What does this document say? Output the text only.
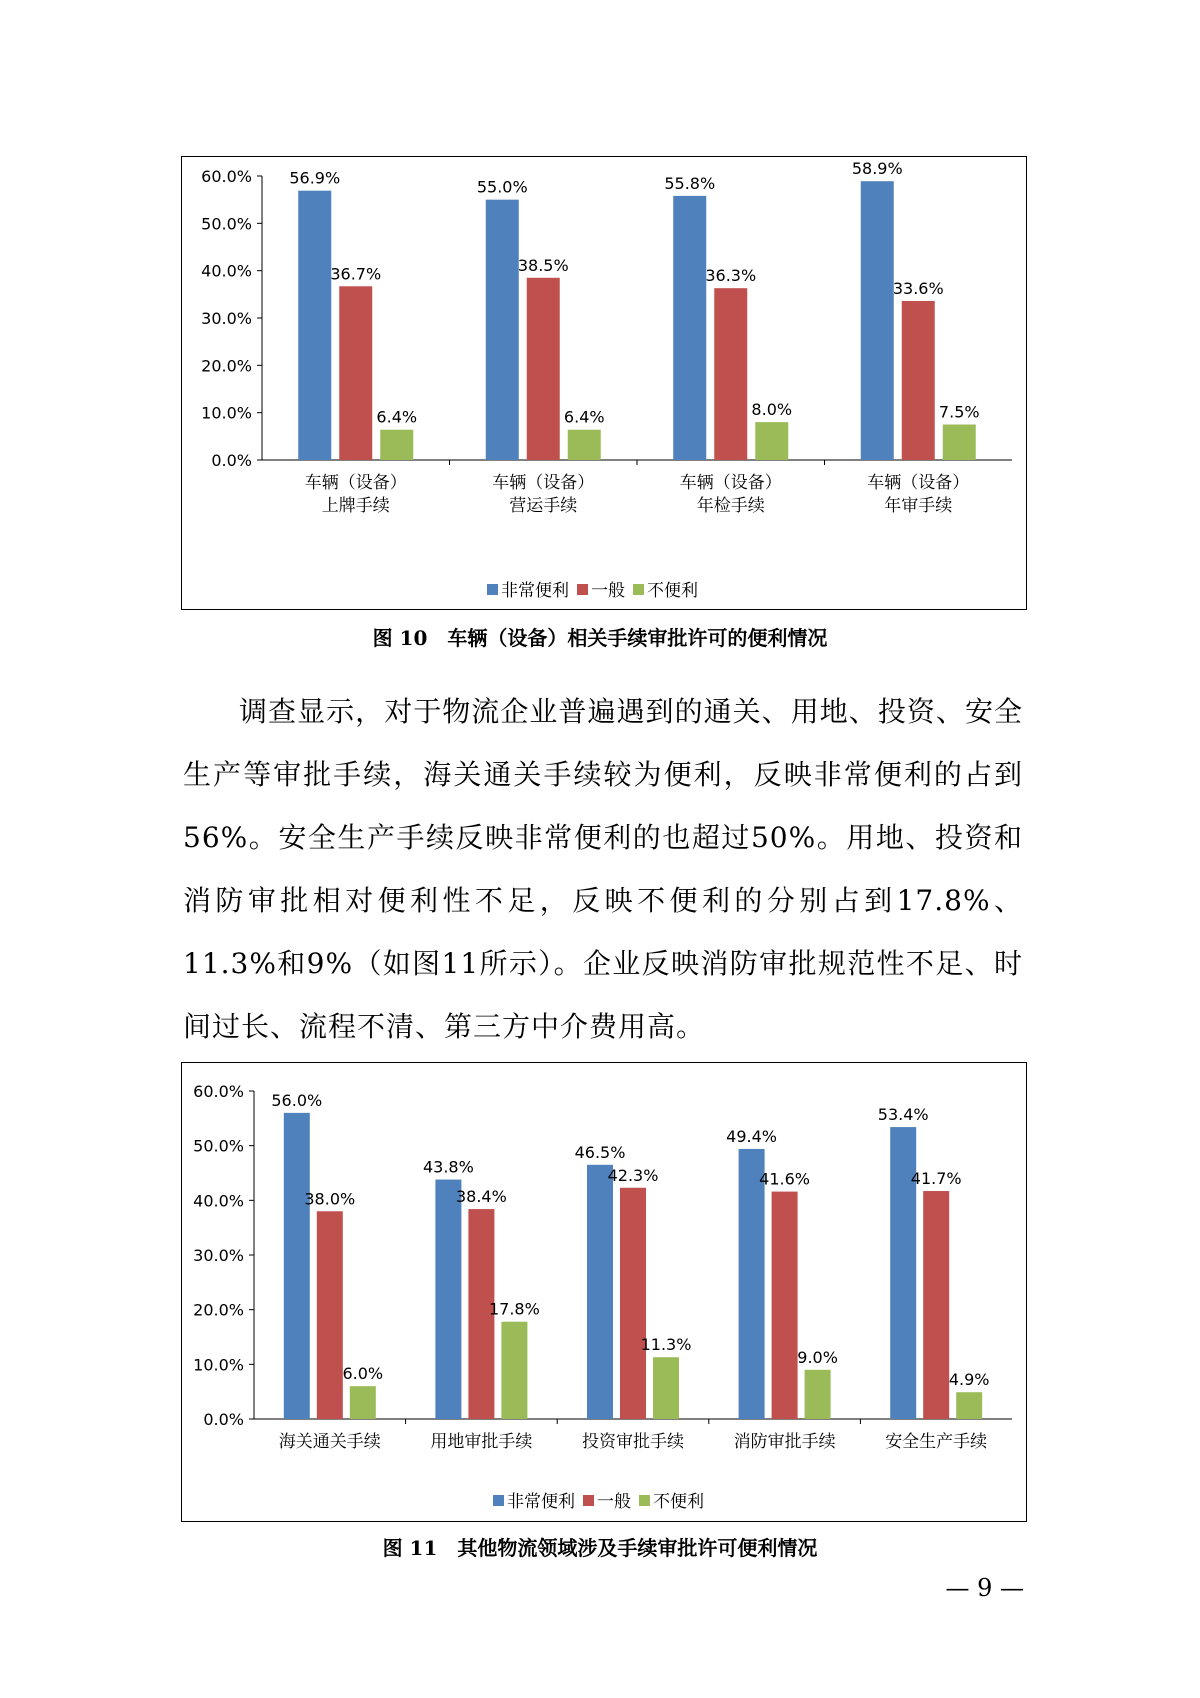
0.0%
10.0%
20.0%
30.0%
40.0%
50.0%
60.0% 56.9%
36.7%
6.4%
车辆（设备）
上牌手续
55.0%
38.5%
6.4%
车辆（设备）
营运手续
55.8%
36.3%
8.0%
车辆（设备）
年检手续
58.9%
33.6%
7.5%
车辆（设备）
年审手续
非常便利 一般 不便利

图 10　车辆（设备）相关手续审批许可的便利情况

调查显示，对于物流企业普遍遇到的通关、用地、投资、安全生产等审批手续，海关通关手续较为便利，反映非常便利的占到56%。安全生产手续反映非常便利的也超过50%。用地、投资和消防审批相对便利性不足，反映不便利的分别占到17.8%、11.3%和9%（如图11所示）。企业反映消防审批规范性不足、时间过长、流程不清、第三方中介费用高。

0.0%
10.0%
20.0%
30.0%
40.0%
50.0%
60.0% 56.0%
38.0%
6.0%
海关通关手续
43.8%
38.4%
17.8%
用地审批手续
46.5%
42.3%
11.3%
投资审批手续
49.4%
41.6%
9.0%
消防审批手续
53.4%
41.7%
4.9%
安全生产手续
非常便利 一般 不便利

图 11　其他物流领域涉及手续审批许可便利情况

— 9 —
